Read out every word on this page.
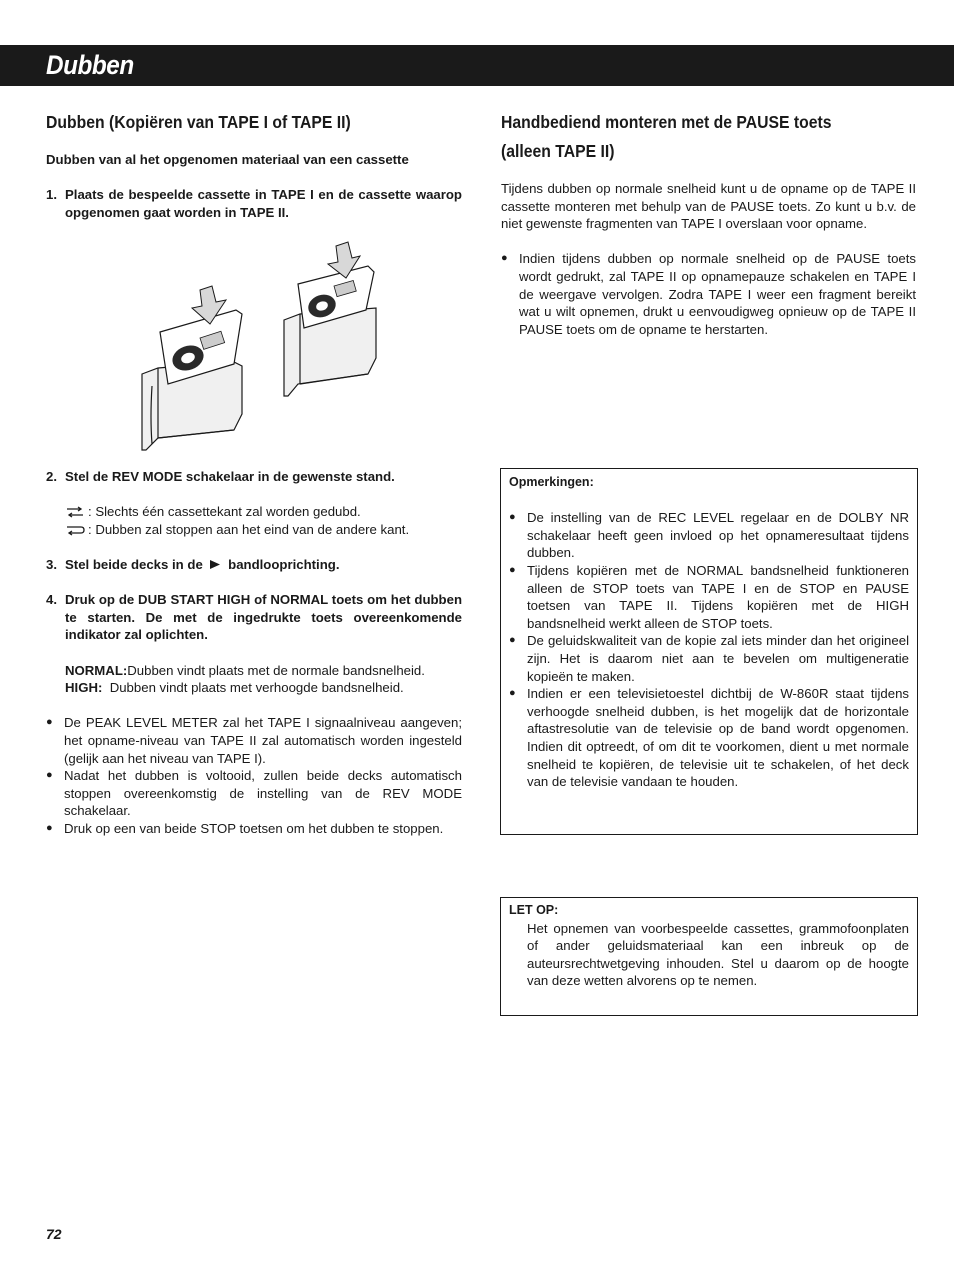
Dubben
Dubben (Kopiëren van TAPE I of TAPE II)

Dubben van al het opgenomen materiaal van een cassette

1. Plaats de bespeelde cassette in TAPE I en de cassette waarop opgenomen gaat worden in TAPE II.
2. Stel de REV MODE schakelaar in de gewenste stand.
: Slechts één cassettekant zal worden gedubd.
: Dubben zal stoppen aan het eind van de andere kant.
3. Stel beide decks in de bandlooprichting.
4. Druk op de DUB START HIGH of NORMAL toets om het dubben te starten. De met de ingedrukte toets overeenkomende indikator zal oplichten.
NORMAL:Dubben vindt plaats met de normale bandsnelheid.
HIGH:  Dubben vindt plaats met verhoogde bandsnelheid.
● De PEAK LEVEL METER zal het TAPE I signaalniveau aangeven; het opname-niveau van TAPE II zal automatisch worden ingesteld (gelijk aan het niveau van TAPE I).
● Nadat het dubben is voltooid, zullen beide decks automatisch stoppen overeenkomstig de instelling van de REV MODE schakelaar.
● Druk op een van beide STOP toetsen om het dubben te stoppen.
Handbediend monteren met de PAUSE toets
(alleen TAPE II)

Tijdens dubben op normale snelheid kunt u de opname op de TAPE II cassette monteren met behulp van de PAUSE toets. Zo kunt u b.v. de niet gewenste fragmenten van TAPE I overslaan voor opname.

● Indien tijdens dubben op normale snelheid op de PAUSE toets wordt gedrukt, zal TAPE II op opnamepauze schakelen en TAPE I de weergave vervolgen. Zodra TAPE I weer een fragment bereikt wat u wilt opnemen, drukt u eenvoudigweg opnieuw op de TAPE II PAUSE toets om de opname te herstarten.
Opmerkingen:
● De instelling van de REC LEVEL regelaar en de DOLBY NR schakelaar heeft geen invloed op het opnameresultaat tijdens dubben.
● Tijdens kopiëren met de NORMAL bandsnelheid funktioneren alleen de STOP toets van TAPE I en de STOP en PAUSE toetsen van TAPE II. Tijdens kopiëren met de HIGH bandsnelheid werkt alleen de STOP toets.
● De geluidskwaliteit van de kopie zal iets minder dan het origineel zijn. Het is daarom niet aan te bevelen om multigeneratie kopieën te maken.
● Indien er een televisietoestel dichtbij de W-860R staat tijdens verhoogde snelheid dubben, is het mogelijk dat de horizontale aftastresolutie van de televisie op de band wordt opgenomen. Indien dit optreedt, of om dit te voorkomen, dient u met normale snelheid te kopiëren, de televisie uit te schakelen, of het deck van de televisie vandaan te houden.
LET OP:

Het opnemen van voorbespeelde cassettes, grammofoonplaten of ander geluidsmateriaal kan een inbreuk op de auteursrechtwetgeving inhouden. Stel u daarom op de hoogte van deze wetten alvorens op te nemen.

72
